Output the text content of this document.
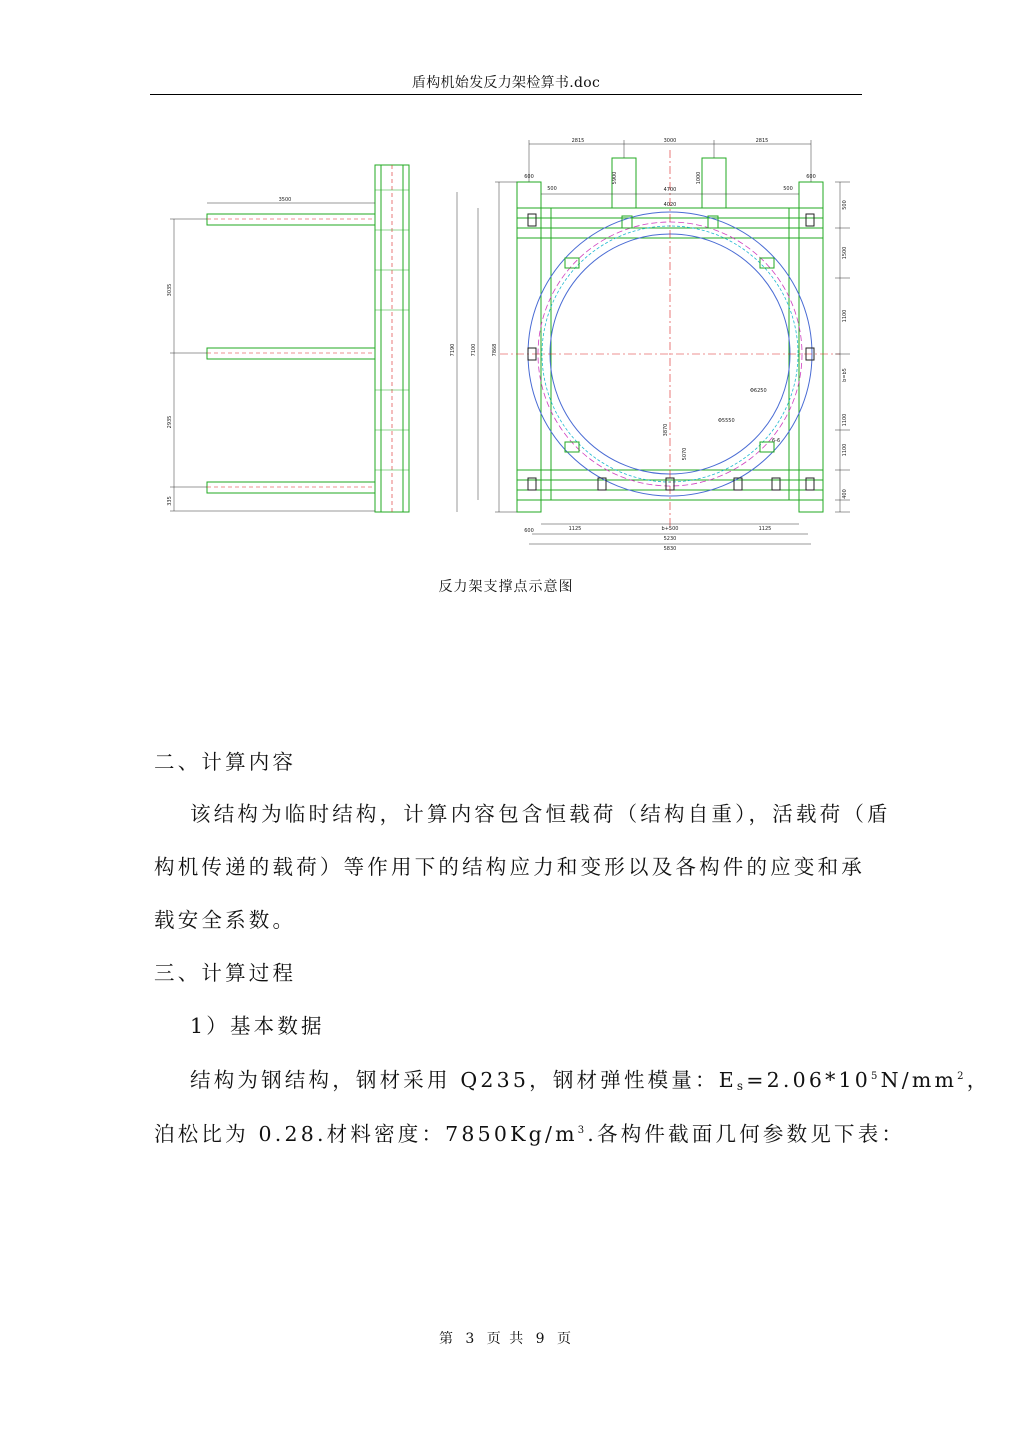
盾构机始发反力架检算书.doc
3500
3035
2935
335
2815	3000	2815
600
500	4700
600
500
4020
5900	1000
5070
600	1125	b+500	1125
5230
5830
7190	7100	7868
3870
500
1500
1100
b=b5
1100
1100
400
Φ6250
Φ5550
6-6
反力架支撑点示意图
二、计算内容
该结构为临时结构，计算内容包含恒载荷（结构自重），活载荷（盾
构机传递的载荷）等作用下的结构应力和变形以及各构件的应变和承
载安全系数。
三、计算过程
1）基本数据
结构为钢结构，钢材采用 Q235，钢材弹性模量：$E_s=2.06*10^5N/mm^2$，
泊松比为 0.28.材料密度：$7850Kg/m^3$.各构件截面几何参数见下表：
第 3 页 共 9 页
